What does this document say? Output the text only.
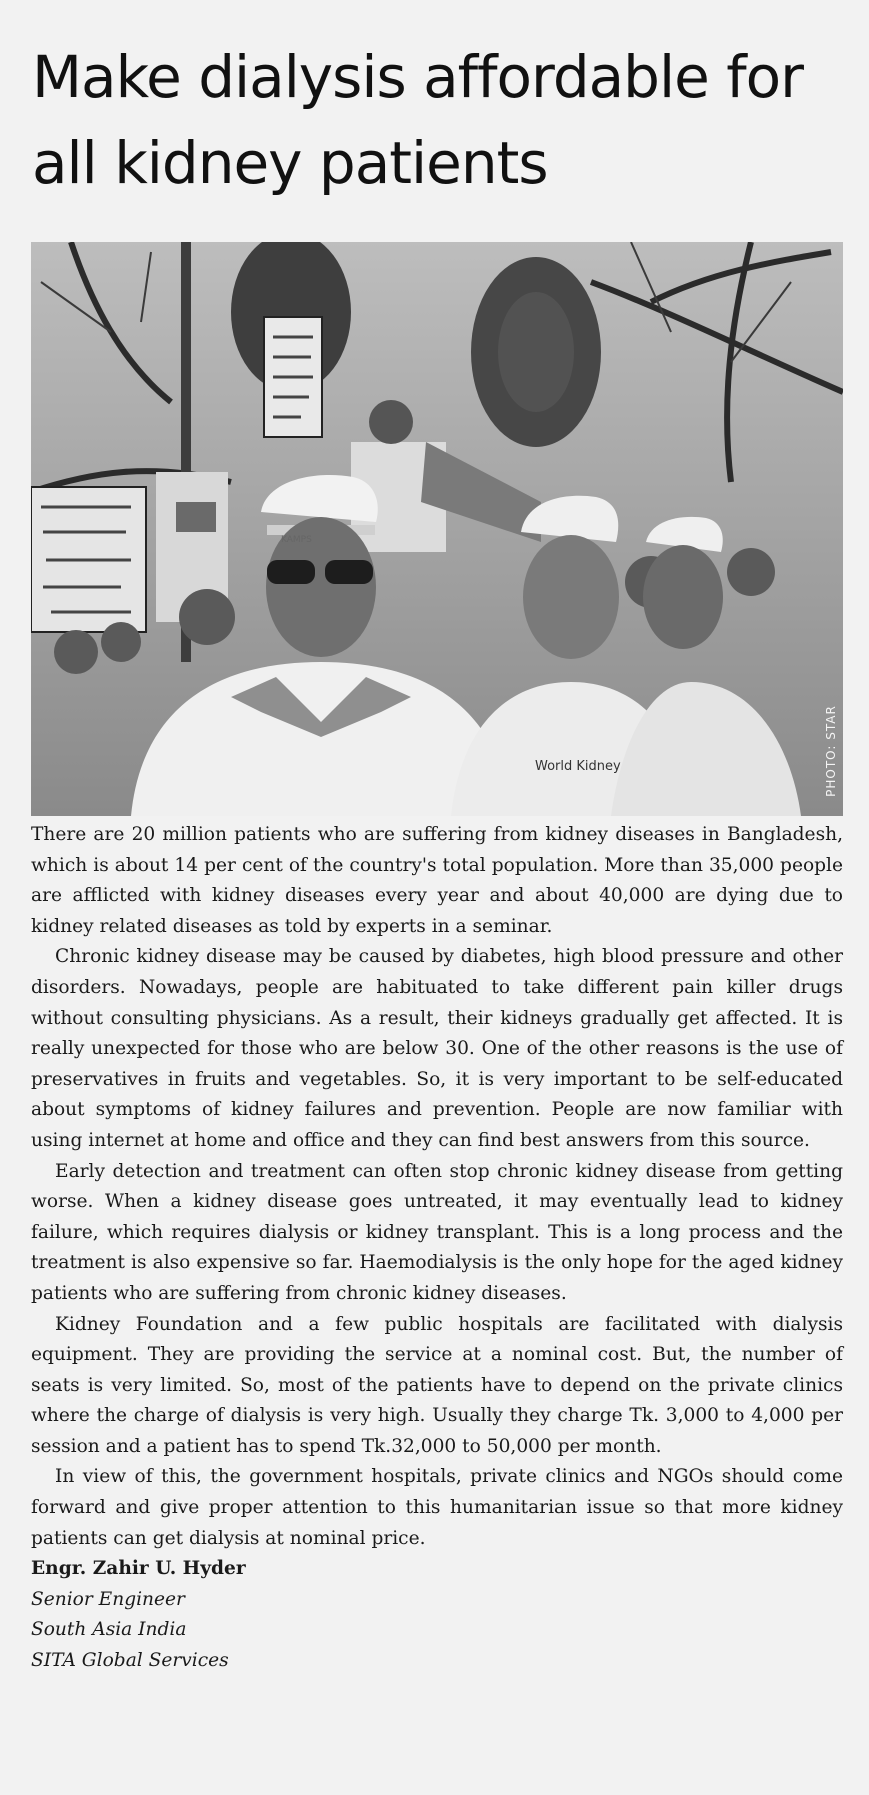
Make dialysis affordable for all kidney patients
World Kidney
KAMPS
PHOTO: STAR

There are 20 million patients who are suffering from kidney diseases in Bangladesh, which is about 14 per cent of the country's total population. More than 35,000 people are afflicted with kidney diseases every year and about 40,000 are dying due to kidney related diseases as told by experts in a seminar.

Chronic kidney disease may be caused by diabetes, high blood pressure and other disorders. Nowadays, people are habituated to take different pain killer drugs without consulting physicians. As a result, their kidneys gradually get affected. It is really unexpected for those who are below 30. One of the other reasons is the use of preservatives in fruits and vegetables. So, it is very important to be self-educated about symptoms of kidney failures and prevention. People are now familiar with using internet at home and office and they can find best answers from this source.

Early detection and treatment can often stop chronic kidney disease from getting worse. When a kidney disease goes untreated, it may eventually lead to kidney failure, which requires dialysis or kidney transplant. This is a long process and the treatment is also expensive so far. Haemodialysis is the only hope for the aged kidney patients who are suffering from chronic kidney diseases.

Kidney Foundation and a few public hospitals are facilitated with dialysis equipment. They are providing the service at a nominal cost. But, the number of seats is very limited. So, most of the patients have to depend on the private clinics where the charge of dialysis is very high. Usually they charge Tk. 3,000 to 4,000 per session and a patient has to spend Tk.32,000 to 50,000 per month.

In view of this, the government hospitals, private clinics and NGOs should come forward and give proper attention to this humanitarian issue so that more kidney patients can get dialysis at nominal price.

Engr. Zahir U. Hyder

Senior Engineer

South Asia India

SITA Global Services
